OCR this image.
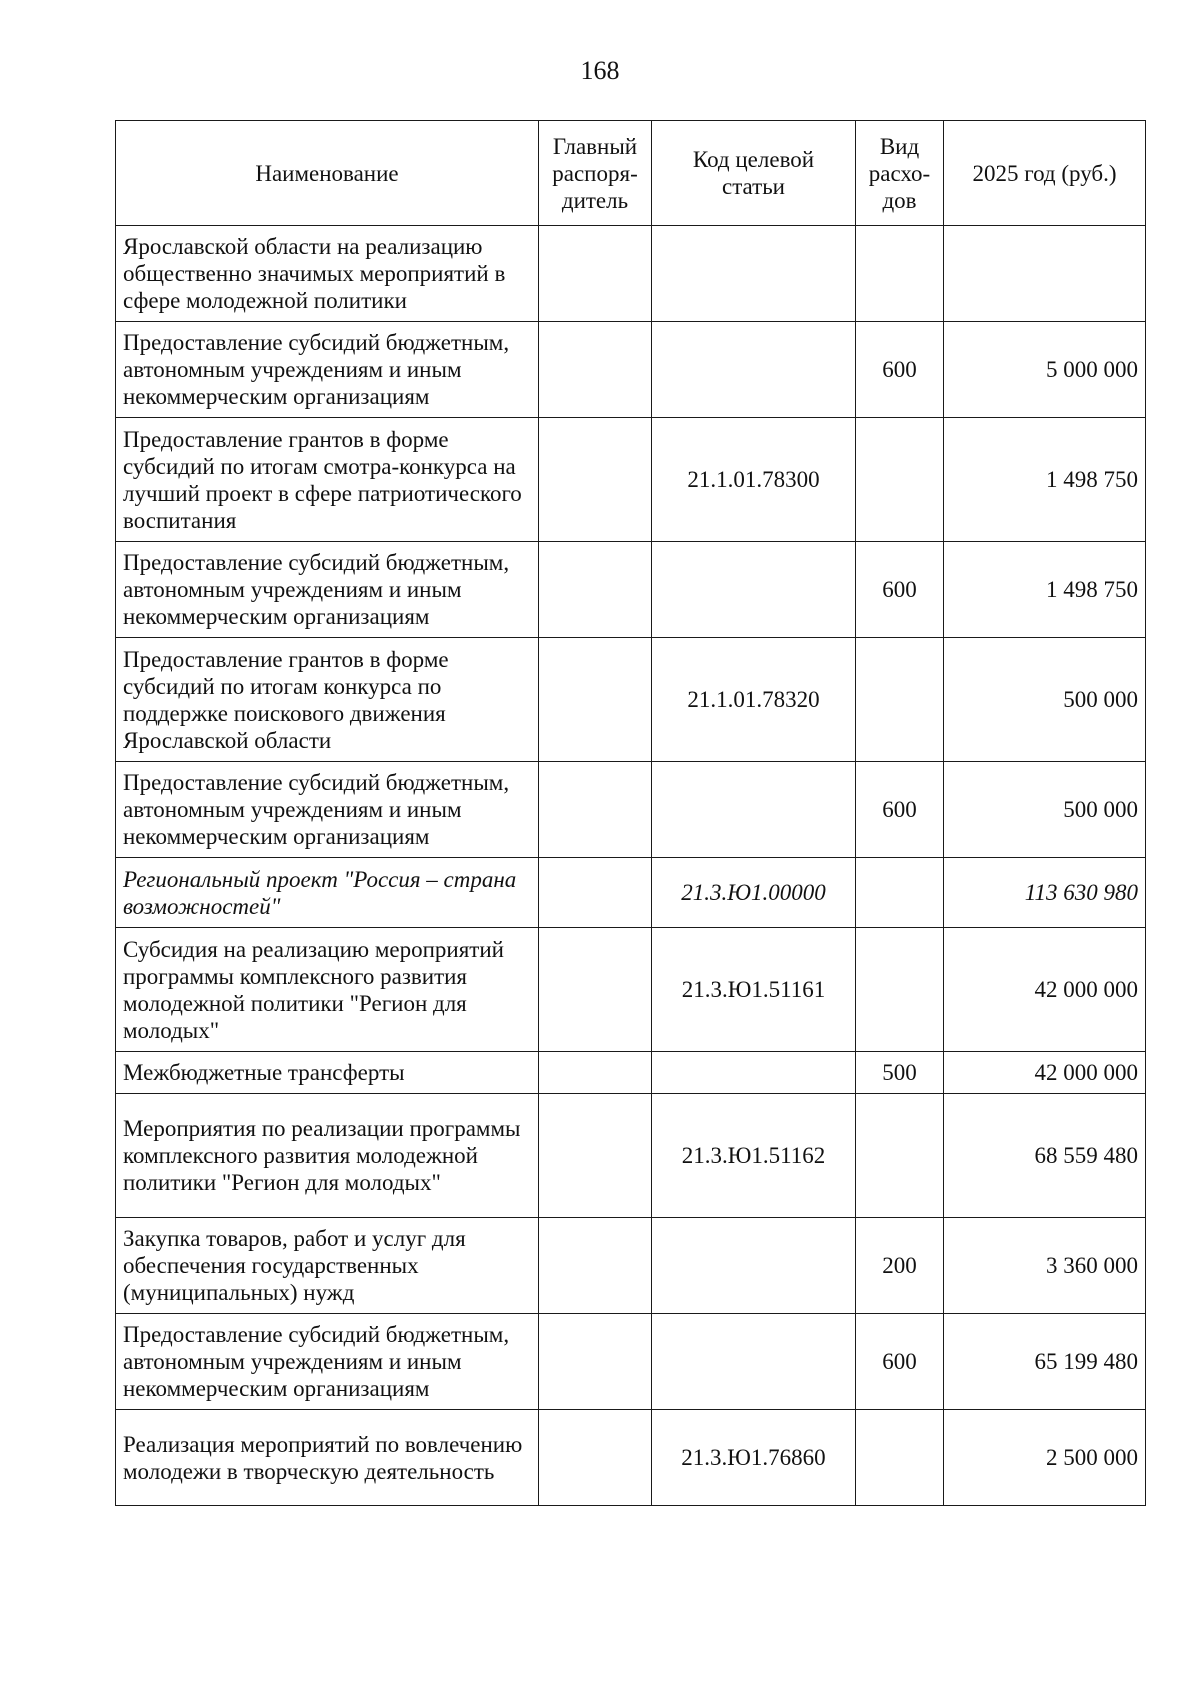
168
Наименование	Главный распоря-дитель	Код целевой статьи	Вид расхо-дов	2025 год (руб.)
Ярославской области на реализацию общественно значимых мероприятий в сфере молодежной политики				
Предоставление субсидий бюджетным, автономным учреждениям и иным некоммерческим организациям			600	5 000 000
Предоставление грантов в форме субсидий по итогам смотра-конкурса на лучший проект в сфере патриотического воспитания		21.1.01.78300		1 498 750
Предоставление субсидий бюджетным, автономным учреждениям и иным некоммерческим организациям			600	1 498 750
Предоставление грантов в форме субсидий по итогам конкурса по поддержке поискового движения Ярославской области		21.1.01.78320		500 000
Предоставление субсидий бюджетным, автономным учреждениям и иным некоммерческим организациям			600	500 000
Региональный проект "Россия – страна возможностей"		21.3.Ю1.00000		113 630 980
Субсидия на реализацию мероприятий программы комплексного развития молодежной политики "Регион для молодых"		21.3.Ю1.51161		42 000 000
Межбюджетные трансферты			500	42 000 000
Мероприятия по реализации программы комплексного развития молодежной политики "Регион для молодых"		21.3.Ю1.51162		68 559 480
Закупка товаров, работ и услуг для обеспечения государственных (муниципальных) нужд			200	3 360 000
Предоставление субсидий бюджетным, автономным учреждениям и иным некоммерческим организациям			600	65 199 480
Реализация мероприятий по вовлечению молодежи в творческую деятельность		21.3.Ю1.76860		2 500 000
